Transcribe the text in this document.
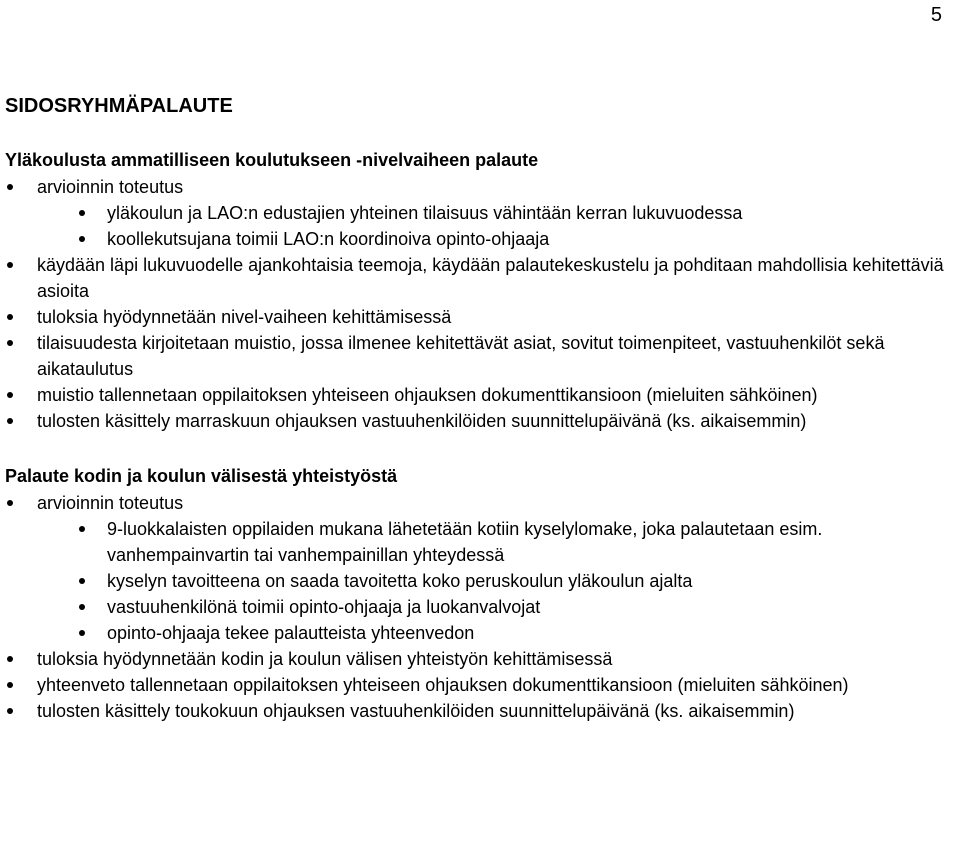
5
SIDOSRYHMÄPALAUTE
Yläkoulusta ammatilliseen koulutukseen -nivelvaiheen palaute
arvioinnin toteutus
yläkoulun ja LAO:n edustajien yhteinen tilaisuus vähintään kerran lukuvuodessa
koollekutsujana toimii LAO:n koordinoiva opinto-ohjaaja
käydään läpi lukuvuodelle ajankohtaisia teemoja, käydään palautekeskustelu ja pohditaan mahdollisia kehitettäviä asioita
tuloksia hyödynnetään nivel-vaiheen kehittämisessä
tilaisuudesta kirjoitetaan muistio, jossa ilmenee kehitettävät asiat, sovitut toimenpiteet, vastuuhenkilöt sekä aikataulutus
muistio tallennetaan oppilaitoksen yhteiseen ohjauksen dokumenttikansioon (mieluiten sähköinen)
tulosten käsittely marraskuun ohjauksen vastuuhenkilöiden suunnittelupäivänä (ks. aikaisemmin)
Palaute kodin ja koulun välisestä yhteistyöstä
arvioinnin toteutus
9-luokkalaisten oppilaiden mukana lähetetään kotiin kyselylomake, joka palautetaan esim. vanhempainvartin tai vanhempainillan yhteydessä
kyselyn tavoitteena on saada tavoitetta koko peruskoulun yläkoulun ajalta
vastuuhenkilönä toimii opinto-ohjaaja ja luokanvalvojat
opinto-ohjaaja tekee palautteista yhteenvedon
tuloksia hyödynnetään kodin ja koulun välisen yhteistyön kehittämisessä
yhteenveto tallennetaan oppilaitoksen yhteiseen ohjauksen dokumenttikansioon (mieluiten sähköinen)
tulosten käsittely toukokuun ohjauksen vastuuhenkilöiden suunnittelupäivänä (ks. aikaisemmin)
